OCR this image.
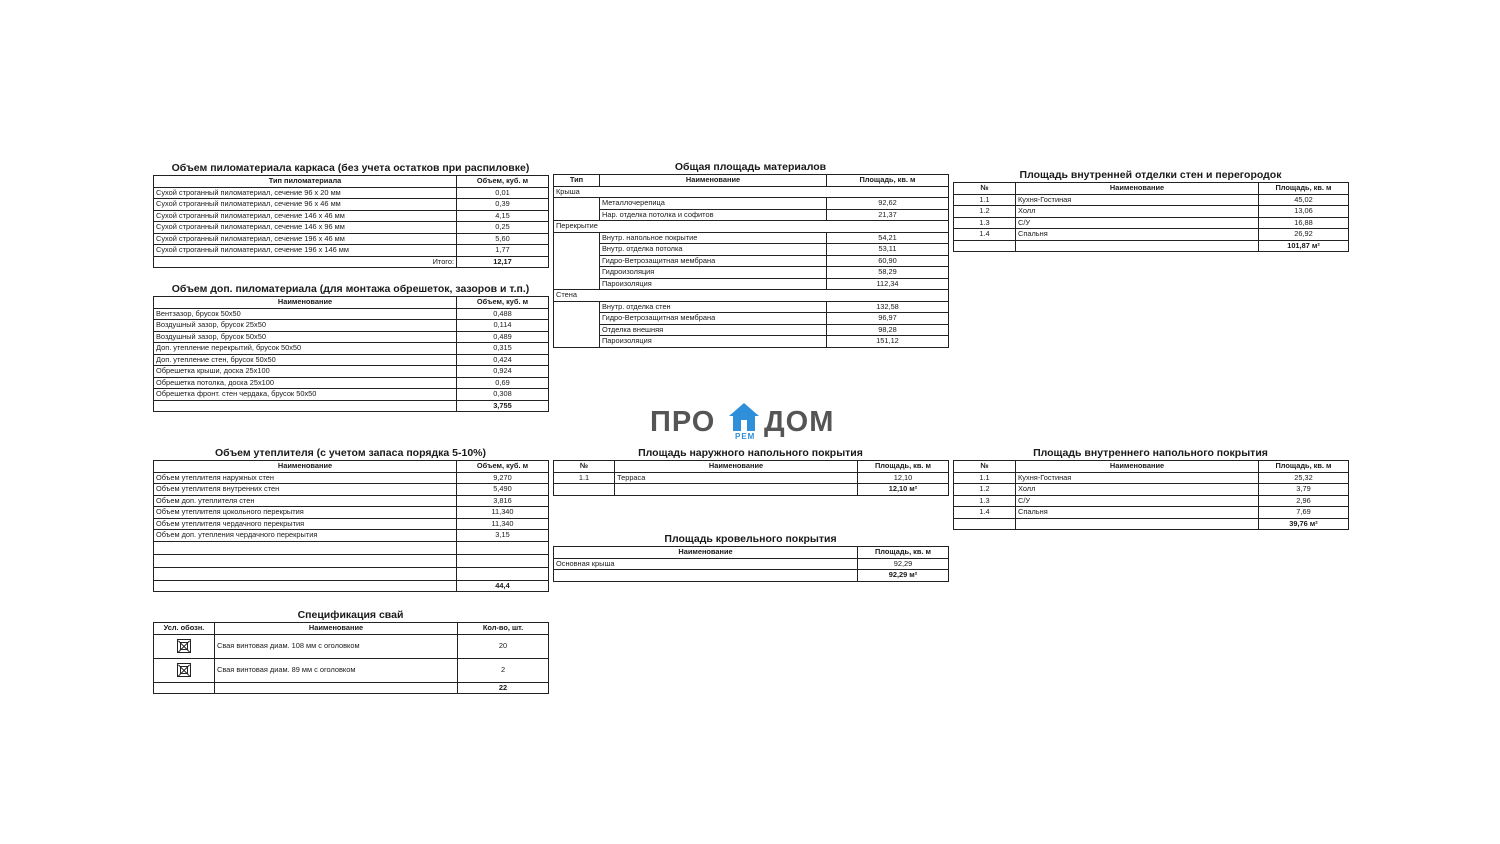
Объем пиломатериала каркаса (без учета остатков при распиловке)
Тип пиломатериала	Объем, куб. м
Сухой строганный пиломатериал, сечение 96 x 20 мм	0,01
Сухой строганный пиломатериал, сечение 96 x 46 мм	0,39
Сухой строганный пиломатериал, сечение 146 x 46 мм	4,15
Сухой строганный пиломатериал, сечение 146 x 96 мм	0,25
Сухой строганный пиломатериал, сечение 196 x 46 мм	5,60
Сухой строганный пиломатериал, сечение 196 x 146 мм	1,77
Итого:	12,17
Объем доп. пиломатериала (для монтажа обрешеток, зазоров и т.п.)
Наименование	Объем, куб. м
Вентзазор, брусок 50x50	0,488
Воздушный зазор, брусок 25x50	0,114
Воздушный зазор, брусок 50x50	0,489
Доп. утепление перекрытий, брусок 50x50	0,315
Доп. утепление стен, брусок 50x50	0,424
Обрешетка крыши, доска 25x100	0,924
Обрешетка потолка, доска 25x100	0,69
Обрешетка фронт. стен чердака, брусок 50x50	0,308
	3,755
Общая площадь материалов
Тип	Наименование	Площадь, кв. м
Крыша		
	Металлочерепица	92,62
	Нар. отделка потолка и софитов	21,37
Перекрытие		
	Внутр. напольное покрытие	54,21
	Внутр. отделка потолка	53,11
	Гидро-Ветрозащитная мембрана	60,90
	Гидроизоляция	58,29
	Пароизоляция	112,34
Стена		
	Внутр. отделка стен	132,58
	Гидро-Ветрозащитная мембрана	96,97
	Отделка внешняя	98,28
	Пароизоляция	151,12
Площадь внутренней отделки стен и перегородок
№	Наименование	Площадь, кв. м
1.1	Кухня-Гостиная	45,02
1.2	Холл	13,06
1.3	С/У	16,88
1.4	Спальня	26,92
		101,87 м²
ПРО РЕМ ДОМ
Объем утеплителя (с учетом запаса порядка 5-10%)
Наименование	Объем, куб. м
Объем утеплителя наружных стен	9,270
Объем утеплителя внутренних стен	5,490
Объем доп. утеплителя стен	3,816
Объем утеплителя цокольного перекрытия	11,340
Объем утеплителя чердачного перекрытия	11,340
Объем доп. утепления чердачного перекрытия	3,15

	44,4
Площадь наружного напольного покрытия
№	Наименование	Площадь, кв. м
1.1	Терраса	12,10
		12,10 м²
Площадь внутреннего напольного покрытия
№	Наименование	Площадь, кв. м
1.1	Кухня-Гостиная	25,32
1.2	Холл	3,79
1.3	С/У	2,96
1.4	Спальня	7,69
		39,76 м²
Площадь кровельного покрытия
Наименование	Площадь, кв. м
Основная крыша	92,29
	92,29 м²
Спецификация свай
Усл. обозн.	Наименование	Кол-во, шт.

	Свая винтовая диам. 108 мм с оголовком	20

	Свая винтовая диам. 89 мм с оголовком	2
		22
